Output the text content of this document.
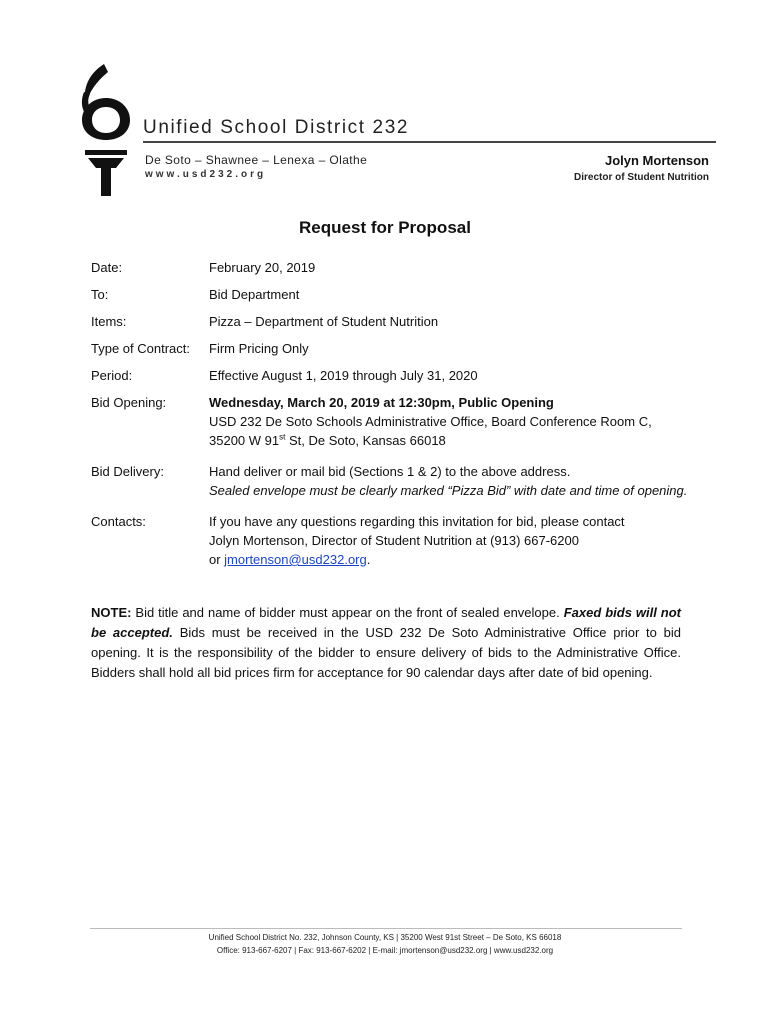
Unified School District 232
De Soto – Shawnee – Lenexa – Olathe
www.usd232.org
Jolyn Mortenson
Director of Student Nutrition
Request for Proposal
Date:	February 20, 2019
To:	Bid Department
Items:	Pizza – Department of Student Nutrition
Type of Contract:	Firm Pricing Only
Period:	Effective August 1, 2019 through July 31, 2020
Bid Opening:	Wednesday, March 20, 2019 at 12:30pm, Public Opening
USD 232 De Soto Schools Administrative Office, Board Conference Room C,
35200 W 91st St, De Soto, Kansas 66018
Bid Delivery:	Hand deliver or mail bid (Sections 1 & 2) to the above address.
Sealed envelope must be clearly marked “Pizza Bid” with date and time of opening.
Contacts:	If you have any questions regarding this invitation for bid, please contact
Jolyn Mortenson, Director of Student Nutrition at (913) 667-6200
or jmortenson@usd232.org.
NOTE: Bid title and name of bidder must appear on the front of sealed envelope. Faxed bids will not be accepted. Bids must be received in the USD 232 De Soto Administrative Office prior to bid opening. It is the responsibility of the bidder to ensure delivery of bids to the Administrative Office. Bidders shall hold all bid prices firm for acceptance for 90 calendar days after date of bid opening.
Unified School District No. 232, Johnson County, KS | 35200 West 91st Street – De Soto, KS 66018
Office: 913-667-6207 | Fax: 913-667-6202 | E-mail: jmortenson@usd232.org | www.usd232.org
